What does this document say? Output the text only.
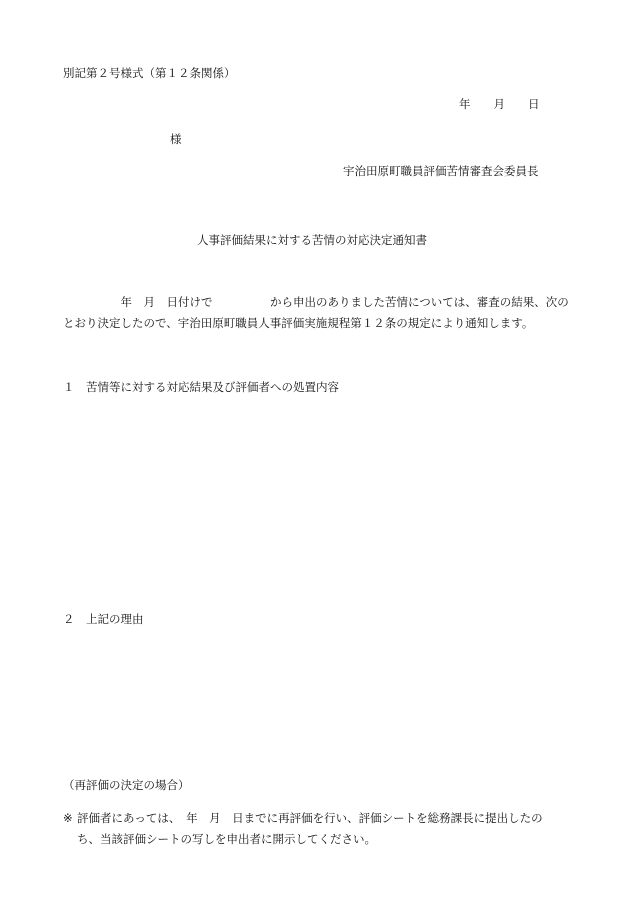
別記第２号様式（第１２条関係）
年　　月　　日
様
宇治田原町職員評価苦情審査会委員長
人事評価結果に対する苦情の対応決定通知書
　　　　　年　月　日付けで　　　　　から申出のありました苦情については、審査の結果、次の
とおり決定したので、宇治田原町職員人事評価実施規程第１２条の規定により通知します。
１　苦情等に対する対応結果及び評価者への処置内容
２　上記の理由
（再評価の決定の場合）
※ 評価者にあっては、　年　月　日までに再評価を行い、評価シートを総務課長に提出したの
ち、当該評価シートの写しを申出者に開示してください。
